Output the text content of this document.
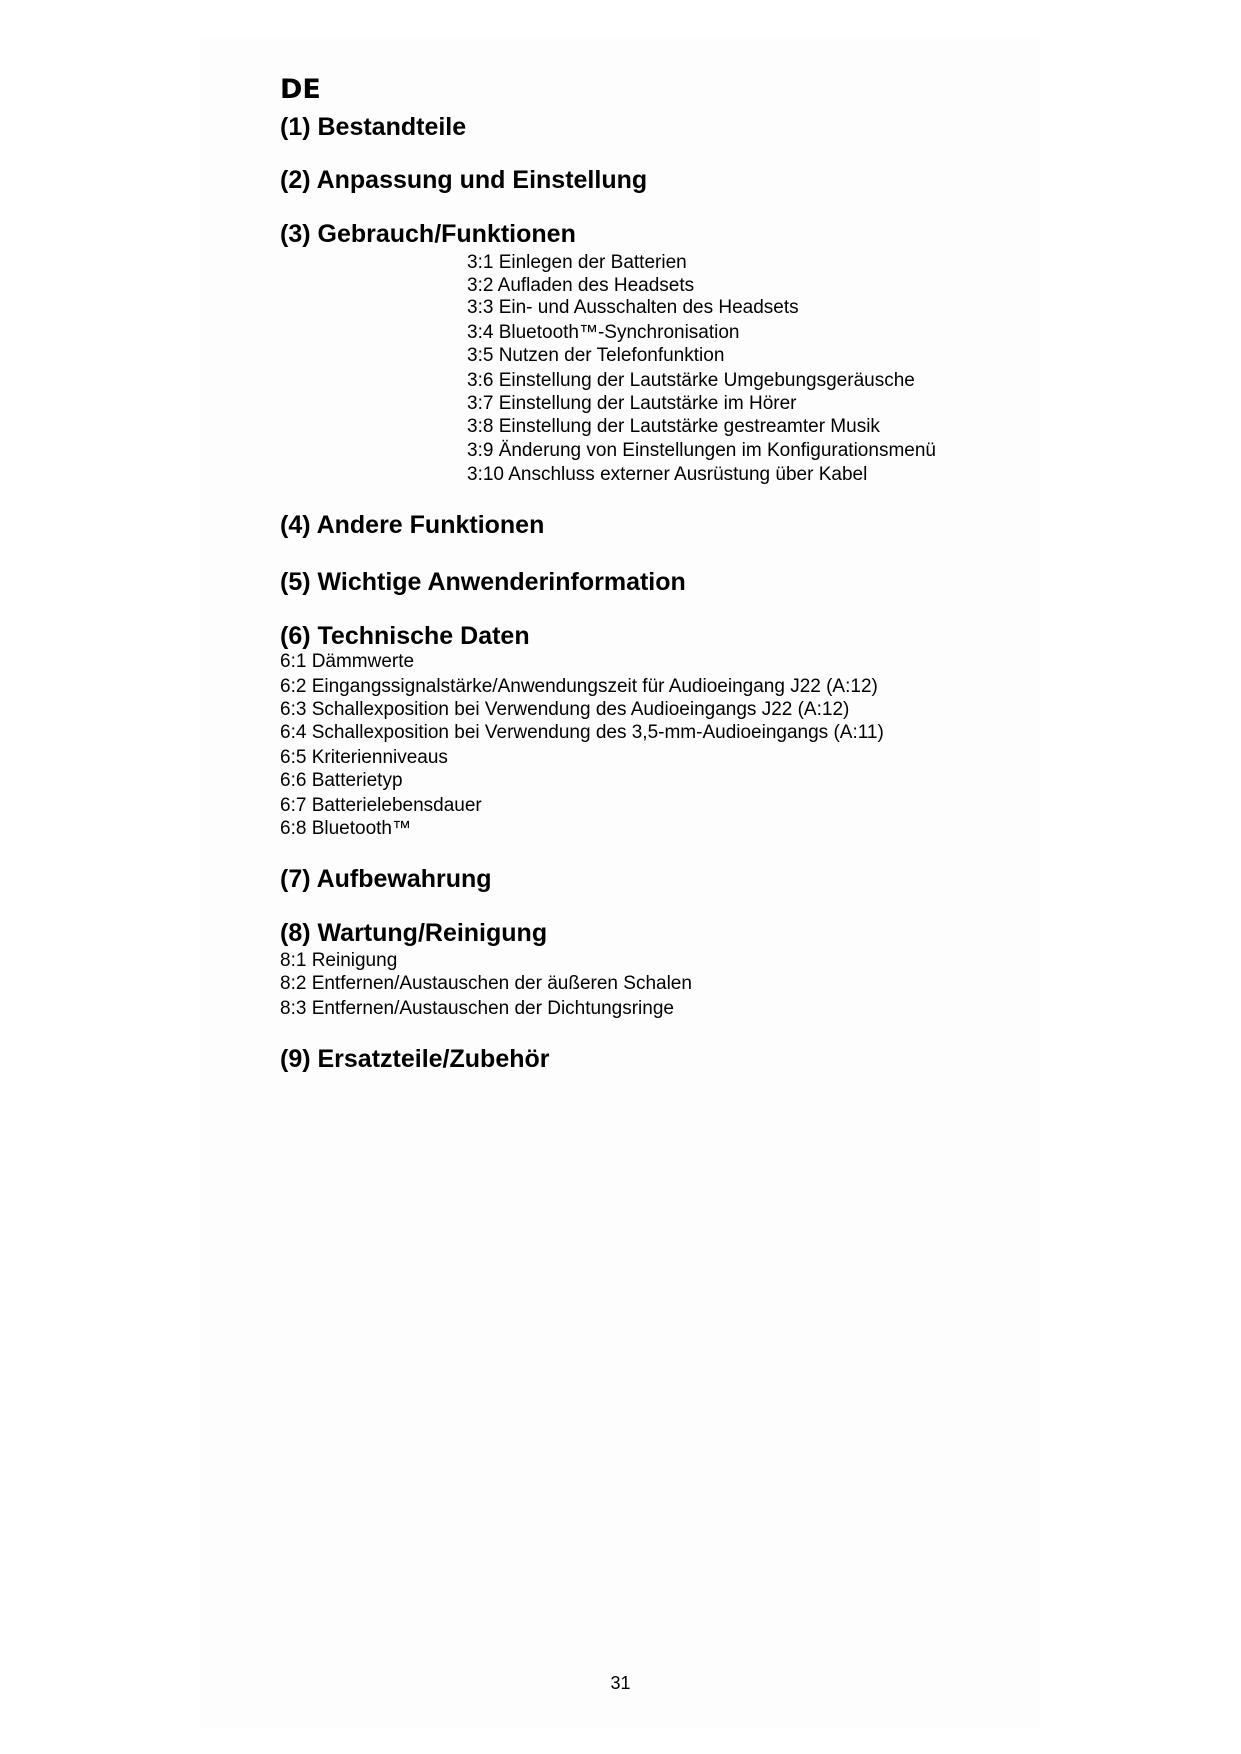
DE
(1) Bestandteile
(2) Anpassung und Einstellung
(3) Gebrauch/Funktionen

3:1 Einlegen der Batterien

3:2 Aufladen des Headsets

3:3 Ein- und Ausschalten des Headsets

3:4 Bluetooth™-Synchronisation

3:5 Nutzen der Telefonfunktion

3:6 Einstellung der Lautstärke Umgebungsgeräusche

3:7 Einstellung der Lautstärke im Hörer

3:8 Einstellung der Lautstärke gestreamter Musik

3:9 Änderung von Einstellungen im Konfigurationsmenü

3:10 Anschluss externer Ausrüstung über Kabel

(4) Andere Funktionen
(5) Wichtige Anwenderinformation
(6) Technische Daten

6:1 Dämmwerte

6:2 Eingangssignalstärke/Anwendungszeit für Audioeingang J22 (A:12)

6:3 Schallexposition bei Verwendung des Audioeingangs J22 (A:12)

6:4 Schallexposition bei Verwendung des 3,5-mm-Audioeingangs (A:11)

6:5 Kriterienniveaus

6:6 Batterietyp

6:7 Batterielebensdauer

6:8 Bluetooth™

(7) Aufbewahrung
(8) Wartung/Reinigung

8:1 Reinigung

8:2 Entfernen/Austauschen der äußeren Schalen

8:3 Entfernen/Austauschen der Dichtungsringe

(9) Ersatzteile/Zubehör
31
